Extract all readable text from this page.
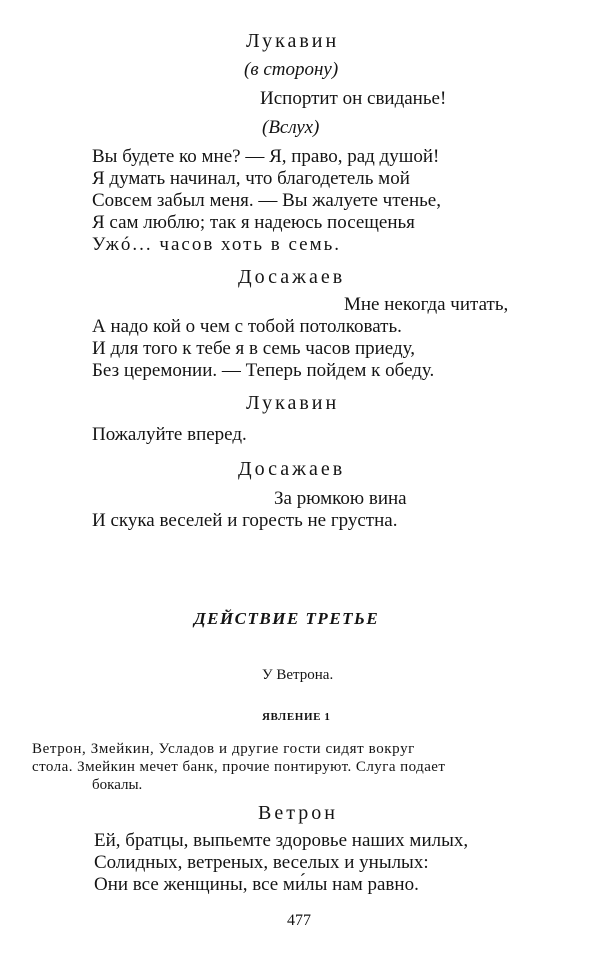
Лукавин
(в сторону)
Испортит он свиданье!
(Вслух)
Вы будете ко мне? — Я, право, рад душой!
Я думать начинал, что благодетель мой
Совсем забыл меня. — Вы жалуете чтенье,
Я сам люблю; так я надеюсь посещенья
Ужó... часов хоть в семь.
Досажаев
Мне некогда читать,
А надо кой о чем с тобой потолковать.
И для того к тебе я в семь часов приеду,
Без церемонии. — Теперь пойдем к обеду.
Лукавин
Пожалуйте вперед.
Досажаев
За рюмкою вина
И скука веселей и горесть не грустна.
ДЕЙСТВИЕ ТРЕТЬЕ
У Ветрона.
ЯВЛЕНИЕ 1
Ветрон, Змейкин, Усладов и другие гости сидят вокруг
стола. Змейкин мечет банк, прочие понтируют. Слуга подает
бокалы.
Ветрон
Ей, братцы, выпьемте здоровье наших милых,
Солидных, ветреных, веселых и унылых:
Они все женщины, все ми́лы нам равно.
477
